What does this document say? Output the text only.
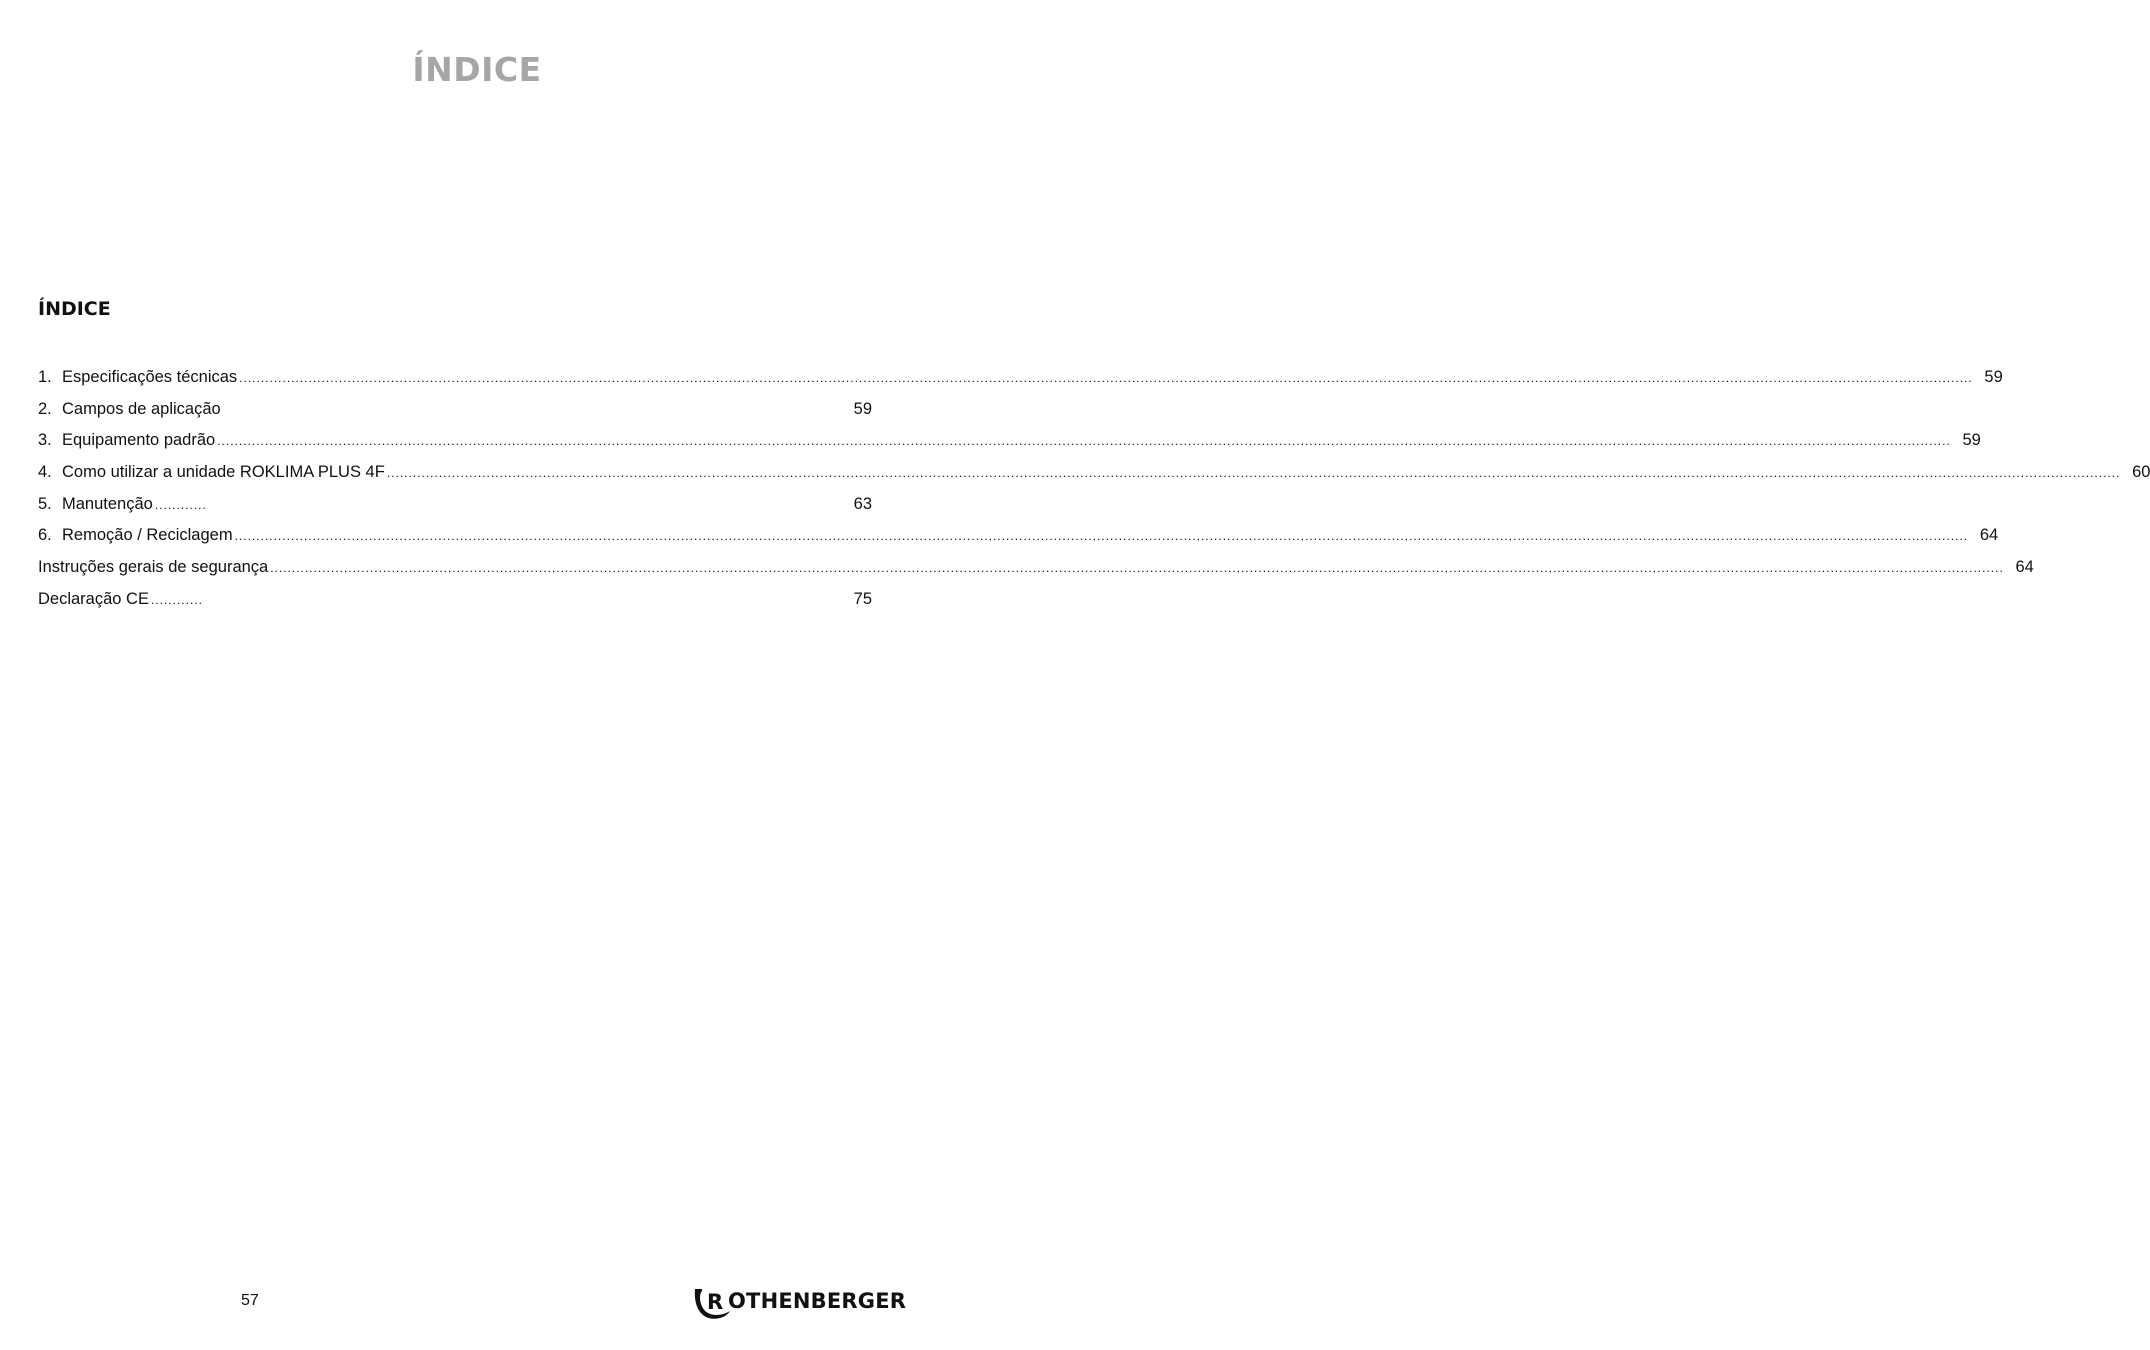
ÍNDICE
ÍNDICE
1. Especificações técnicas ................................................................................................................................................................................................................................................................................................................................................................................................................ 59
2. Campos de aplicação	59
3. Equipamento padrão ................................................................................................................................................................................................................................................................................................................................................................................................................ 59
4. Como utilizar a unidade ROKLIMA PLUS 4F ................................................................................................................................................................................................................................................................................................................................................................................................................ 60
5. Manutenção ............	63
6. Remoção / Reciclagem ................................................................................................................................................................................................................................................................................................................................................................................................................ 64
Instruções gerais de segurança ................................................................................................................................................................................................................................................................................................................................................................................................................ 64
Declaração CE ............	75
57	R OTHENBERGER
